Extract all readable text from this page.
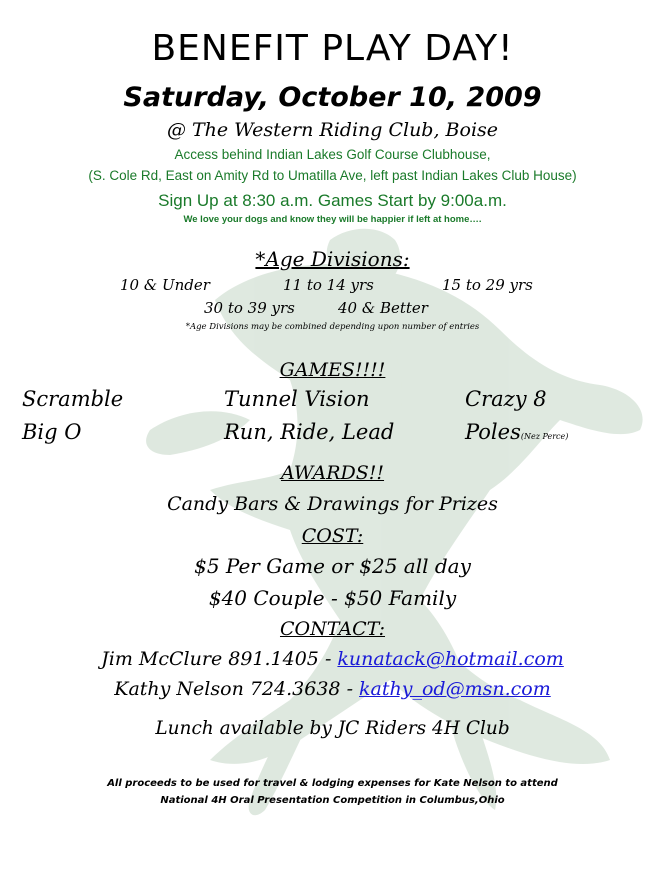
BENEFIT PLAY DAY!
Saturday, October 10, 2009
@ The Western Riding Club, Boise
Access behind Indian Lakes Golf Course Clubhouse,
(S. Cole Rd, East on Amity Rd to Umatilla Ave, left past Indian Lakes Club House)
Sign Up at 8:30 a.m. Games Start by 9:00a.m.
We love your dogs and know they will be happier if left at home….
*Age Divisions:
10 & Under	11 to 14 yrs	15 to 29 yrs
30 to 39 yrs	40 & Better
*Age Divisions may be combined depending upon number of entries
GAMES!!!!
Scramble	Tunnel Vision	Crazy 8
Big O	Run, Ride, Lead	Poles(Nez Perce)
AWARDS!!
Candy Bars & Drawings for Prizes
COST:
$5 Per Game or $25 all day
$40 Couple - $50 Family
CONTACT:
Jim McClure 891.1405 - kunatack@hotmail.com
Kathy Nelson 724.3638 - kathy_od@msn.com
Lunch available by JC Riders 4H Club
All proceeds to be used for travel & lodging expenses for Kate Nelson to attend
National 4H Oral Presentation Competition in Columbus,Ohio
